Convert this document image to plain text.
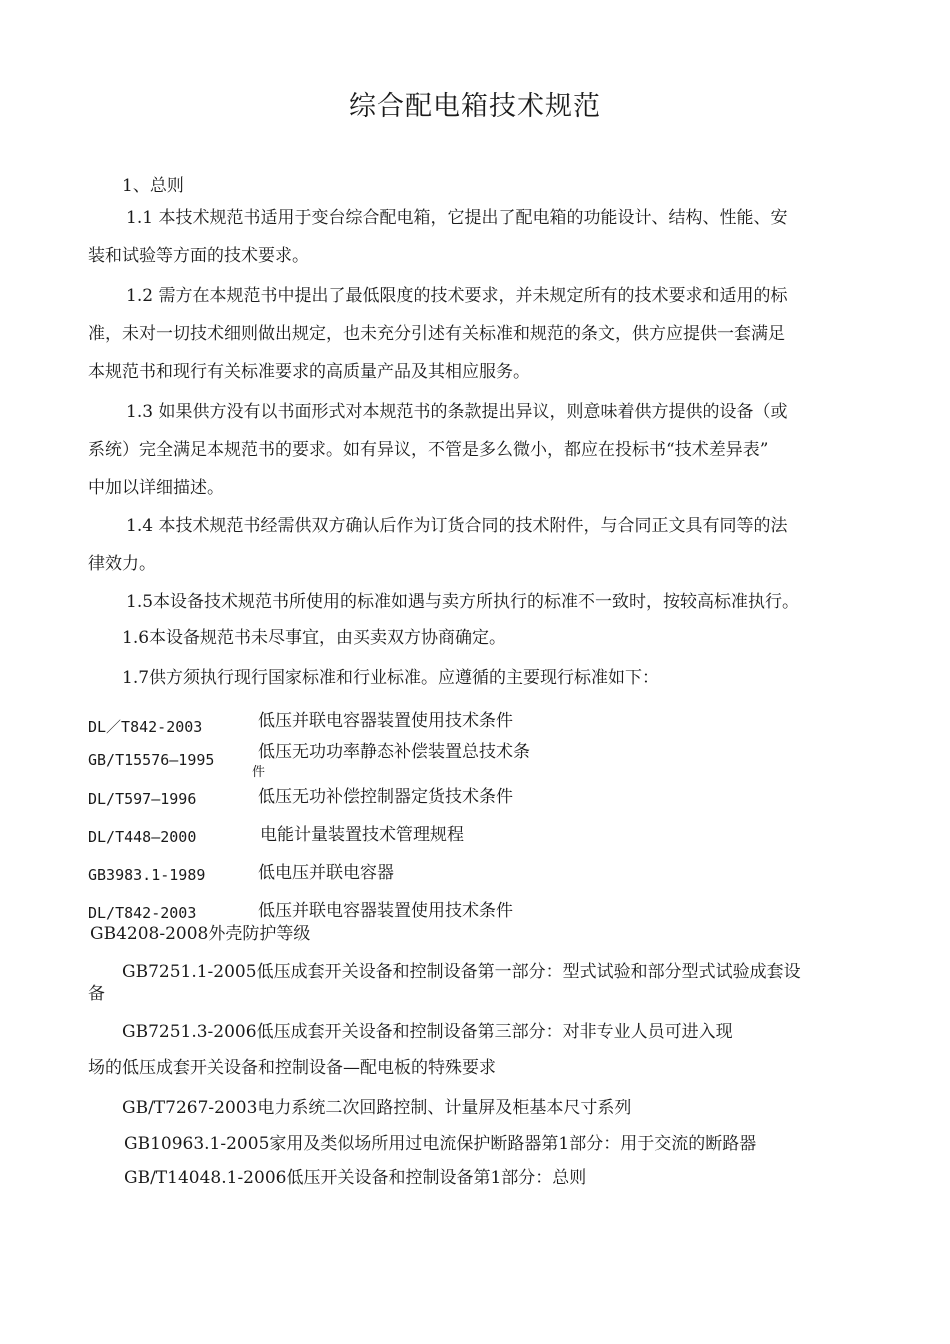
综合配电箱技术规范
1、总则
1.1 本技术规范书适用于变台综合配电箱，它提出了配电箱的功能设计、结构、性能、安
装和试验等方面的技术要求。
1.2 需方在本规范书中提出了最低限度的技术要求，并未规定所有的技术要求和适用的标
准，未对一切技术细则做出规定，也未充分引述有关标准和规范的条文，供方应提供一套满足
本规范书和现行有关标准要求的高质量产品及其相应服务。
1.3 如果供方没有以书面形式对本规范书的条款提出异议，则意味着供方提供的设备（或
系统）完全满足本规范书的要求。如有异议，不管是多么微小，都应在投标书“技术差异表”
中加以详细描述。
1.4 本技术规范书经需供双方确认后作为订货合同的技术附件，与合同正文具有同等的法
律效力。
1.5本设备技术规范书所使用的标准如遇与卖方所执行的标准不一致时，按较高标准执行。
1.6本设备规范书未尽事宜，由买卖双方协商确定。
1.7供方须执行现行国家标准和行业标准。应遵循的主要现行标准如下：
DL／T842-2003	低压并联电容器装置使用技术条件
GB/T15576—1995	低压无功功率静态补偿装置总技术条
件
DL/T597—1996	低压无功补偿控制器定货技术条件
DL/T448—2000	电能计量装置技术管理规程
GB3983.1-1989	低电压并联电容器
DL/T842-2003	低压并联电容器装置使用技术条件
GB4208-2008外壳防护等级
GB7251.1-2005低压成套开关设备和控制设备第一部分：型式试验和部分型式试验成套设
备
GB7251.3-2006低压成套开关设备和控制设备第三部分：对非专业人员可进入现
场的低压成套开关设备和控制设备—配电板的特殊要求
GB/T7267-2003电力系统二次回路控制、计量屏及柜基本尺寸系列
GB10963.1-2005家用及类似场所用过电流保护断路器第1部分：用于交流的断路器
GB/T14048.1-2006低压开关设备和控制设备第1部分：总则
